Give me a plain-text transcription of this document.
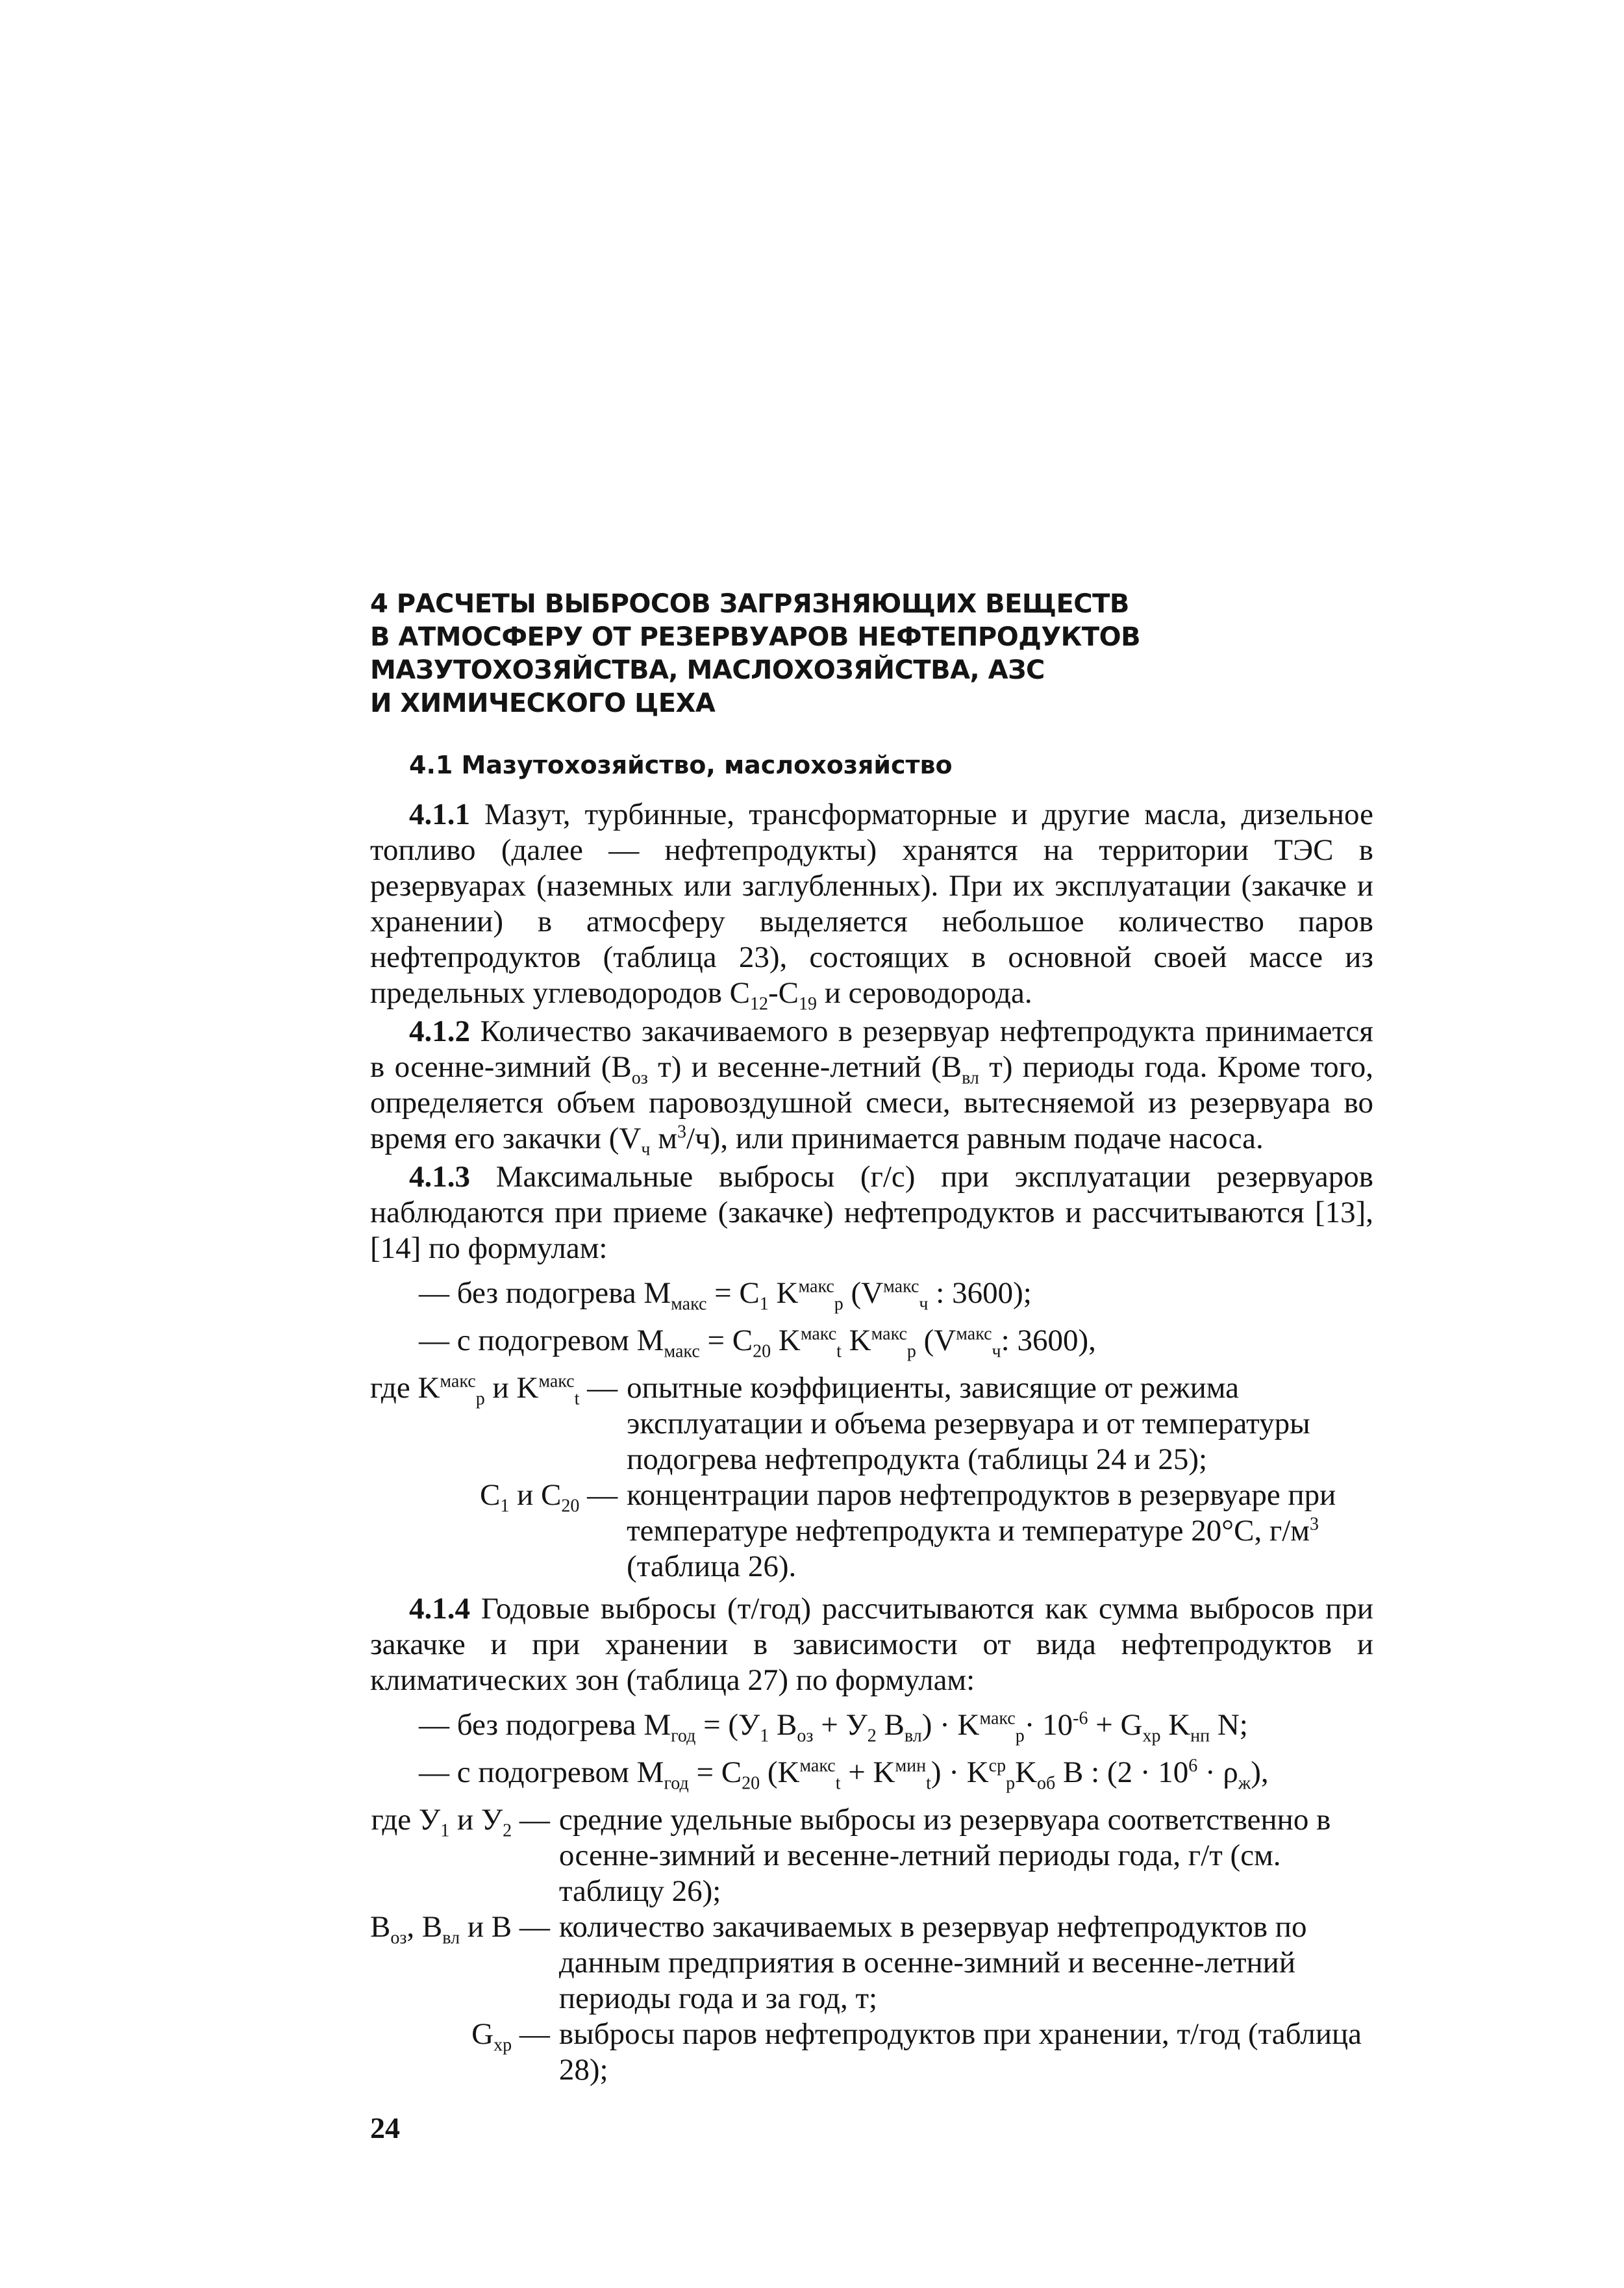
4 РАСЧЕТЫ ВЫБРОСОВ ЗАГРЯЗНЯЮЩИХ ВЕЩЕСТВ
В АТМОСФЕРУ ОТ РЕЗЕРВУАРОВ НЕФТЕПРОДУКТОВ
МАЗУТОХОЗЯЙСТВА, МАСЛОХОЗЯЙСТВА, АЗС
И ХИМИЧЕСКОГО ЦЕХА
4.1 Мазутохозяйство, маслохозяйство

4.1.1 Мазут, турбинные, трансформаторные и другие масла, дизельное топливо (далее — нефтепродукты) хранятся на территории ТЭС в резервуарах (наземных или заглубленных). При их эксплуатации (закачке и хранении) в атмосферу выделяется небольшое количество паров нефтепродуктов (таблица 23), состоящих в основной своей массе из предельных углеводородов $С_{12}-С_{19}$ и сероводорода.

4.1.2 Количество закачиваемого в резервуар нефтепродукта принимается в осенне-зимний ($В_{оз}$ т) и весенне-летний ($В_{вл}$ т) периоды года. Кроме того, определяется объем паровоздушной смеси, вытесняемой из резервуара во время его закачки ($V_ч$ $м^3/ч$), или принимается равным подаче насоса.

4.1.3 Максимальные выбросы (г/с) при эксплуатации резервуаров наблюдаются при приеме (закачке) нефтепродуктов и рассчитываются [13], [14] по формулам:

— без подогрева $М_{макс} = С_1$ $K^{макс}_р$ ($V^{макс}_ч$ : 3600);
— с подогревом $М_{макс} = С_{20}$ $K^{макс}_t$ $K^{макс}_р$ ($V^{макс}_ч$: 3600),
где $K^{макс}_р$ и $K^{макс}_t$ — опытные коэффициенты, зависящие от режима эксплуатации и объема резервуара и от температуры подогрева нефтепродукта (таблицы 24 и 25);
$С_1$ и $С_{20}$ — концентрации паров нефтепродуктов в резервуаре при температуре нефтепродукта и температуре 20°С, $г/м^3$ (таблица 26).

4.1.4 Годовые выбросы (т/год) рассчитываются как сумма выбросов при закачке и при хранении в зависимости от вида нефтепродуктов и климатических зон (таблица 27) по формулам:

— без подогрева $М_{год} = (У_1$ $В_{оз} + У_2$ $В_{вл}) \cdot K^{макс}_р\cdot 10^{-6} + G_{хр}$ $K_{нп}$ N;
— с подогревом $М_{год} = С_{20}$ $(K^{макс}_t + K^{мин}_t) \cdot K^{ср}_рK_{об}$ В : $(2 \cdot 10^6 \cdot \rho_ж)$,
где $У_1$ и $У_2$ — средние удельные выбросы из резервуара соответственно в осенне-зимний и весенне-летний периоды года, г/т (см. таблицу 26);
$В_{оз}$, $В_{вл}$ и В — количество закачиваемых в резервуар нефтепродуктов по данным предприятия в осенне-зимний и весенне-летний периоды года и за год, т;
$G_{хр}$ — выбросы паров нефтепродуктов при хранении, т/год (таблица 28);
24
